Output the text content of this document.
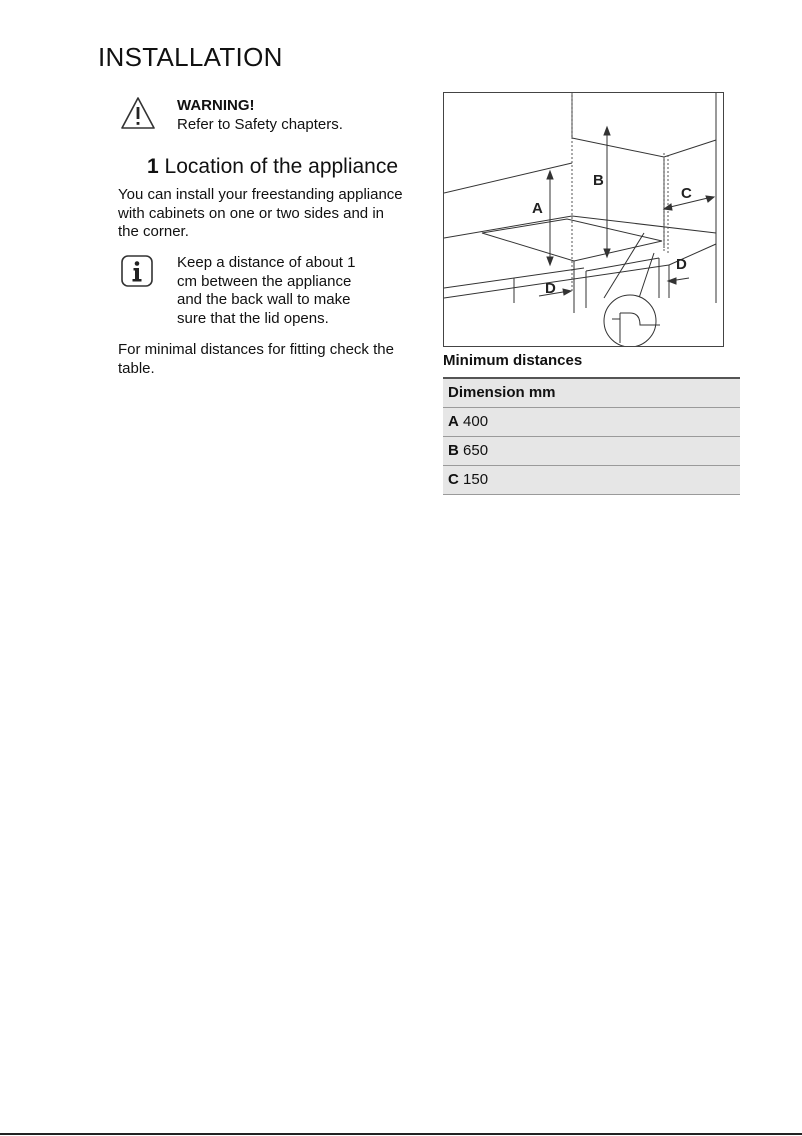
INSTALLATION
WARNING!
Refer to Safety chapters.
1 Location of the appliance
You can install your freestanding appliance with cabinets on one or two sides and in the corner.
Keep a distance of about 1
cm between the appliance
and the back wall to make
sure that the lid opens.
For minimal distances for fitting check the table.
A
B
C
D
D
Minimum distances
Dimension mm
A 400
B 650
C 150
